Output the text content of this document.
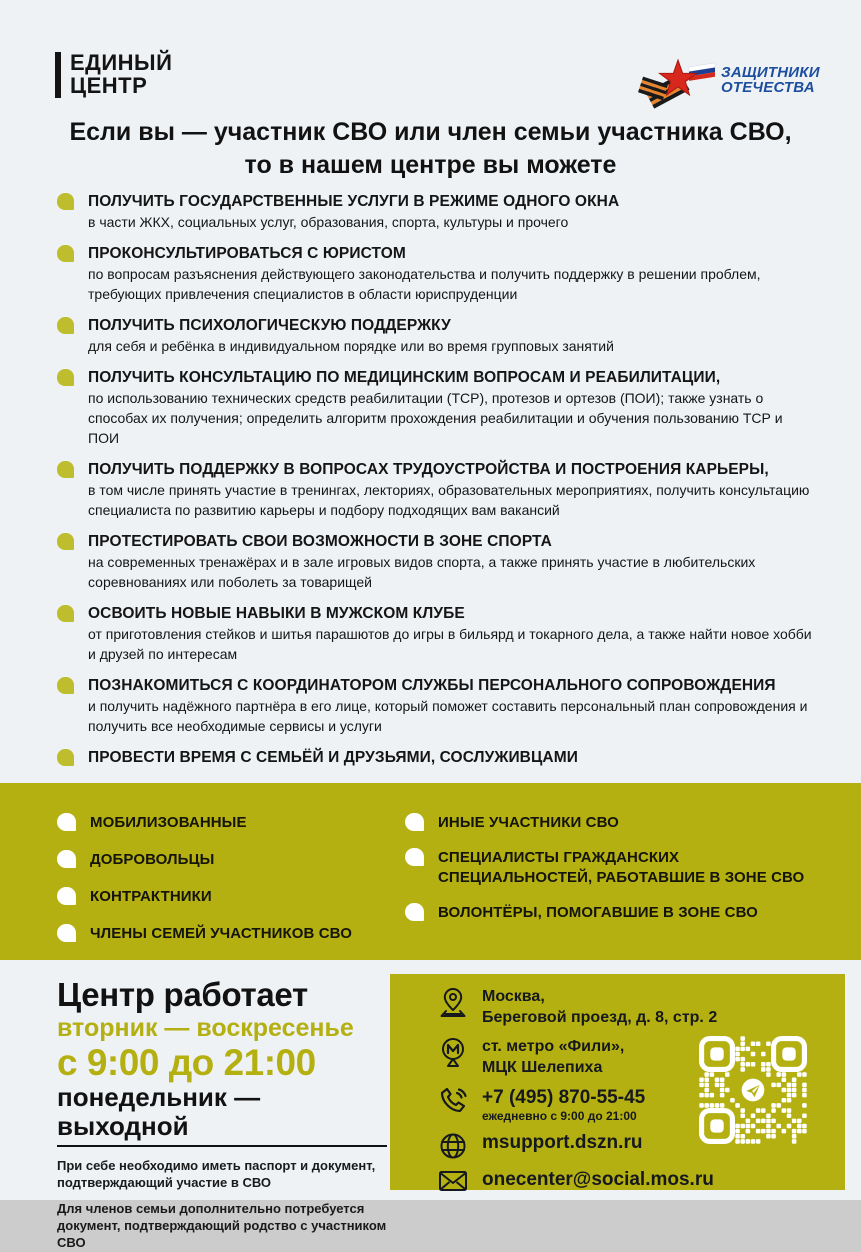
ЕДИНЫЙ
ЦЕНТР
ЗАЩИТНИКИ
ОТЕЧЕСТВА
Если вы — участник СВО или член семьи участника СВО,
то в нашем центре вы можете
ПОЛУЧИТЬ ГОСУДАРСТВЕННЫЕ УСЛУГИ В РЕЖИМЕ ОДНОГО ОКНА
в части ЖКХ, социальных услуг, образования, спорта, культуры и прочего
ПРОКОНСУЛЬТИРОВАТЬСЯ С ЮРИСТОМ
по вопросам разъяснения действующего законодательства и получить поддержку в решении проблем, требующих привлечения специалистов в области юриспруденции
ПОЛУЧИТЬ ПСИХОЛОГИЧЕСКУЮ ПОДДЕРЖКУ
для себя и ребёнка в индивидуальном порядке или во время групповых занятий
ПОЛУЧИТЬ КОНСУЛЬТАЦИЮ ПО МЕДИЦИНСКИМ ВОПРОСАМ И РЕАБИЛИТАЦИИ,
по использованию технических средств реабилитации (ТСР), протезов и ортезов (ПОИ); также узнать о способах их получения; определить алгоритм прохождения реабилитации и обучения пользованию ТСР и ПОИ
ПОЛУЧИТЬ ПОДДЕРЖКУ В ВОПРОСАХ ТРУДОУСТРОЙСТВА И ПОСТРОЕНИЯ КАРЬЕРЫ,
в том числе принять участие в тренингах, лекториях, образовательных мероприятиях, получить консультацию специалиста по развитию карьеры и подбору подходящих вам вакансий
ПРОТЕСТИРОВАТЬ СВОИ ВОЗМОЖНОСТИ В ЗОНЕ СПОРТА
на современных тренажёрах и в зале игровых видов спорта, а также принять участие в любительских соревнованиях или поболеть за товарищей
ОСВОИТЬ НОВЫЕ НАВЫКИ В МУЖСКОМ КЛУБЕ
от приготовления стейков и шитья парашютов до игры в бильярд и токарного дела, а также найти новое хобби и друзей по интересам
ПОЗНАКОМИТЬСЯ С КООРДИНАТОРОМ СЛУЖБЫ ПЕРСОНАЛЬНОГО СОПРОВОЖДЕНИЯ
и получить надёжного партнёра в его лице, который поможет составить персональный план сопровождения и получить все необходимые сервисы и услуги
ПРОВЕСТИ ВРЕМЯ С СЕМЬЁЙ И ДРУЗЬЯМИ, СОСЛУЖИВЦАМИ
МОБИЛИЗОВАННЫЕ
ДОБРОВОЛЬЦЫ
КОНТРАКТНИКИ
ЧЛЕНЫ СЕМЕЙ УЧАСТНИКОВ СВО
ИНЫЕ УЧАСТНИКИ СВО
СПЕЦИАЛИСТЫ ГРАЖДАНСКИХ СПЕЦИАЛЬНОСТЕЙ, РАБОТАВШИЕ В ЗОНЕ СВО
ВОЛОНТЁРЫ, ПОМОГАВШИЕ В ЗОНЕ СВО
Центр работает
вторник — воскресенье
с 9:00 до 21:00
понедельник — выходной

При себе необходимо иметь паспорт и документ, подтверждающий участие в СВО

Для членов семьи дополнительно потребуется документ, подтверждающий родство с участником СВО

Москва,
Береговой проезд, д. 8, стр. 2
ст. метро «Фили»,
МЦК Шелепиха
+7 (495) 870-55-45
ежедневно с 9:00 до 21:00
msupport.dszn.ru
onecenter@social.mos.ru
